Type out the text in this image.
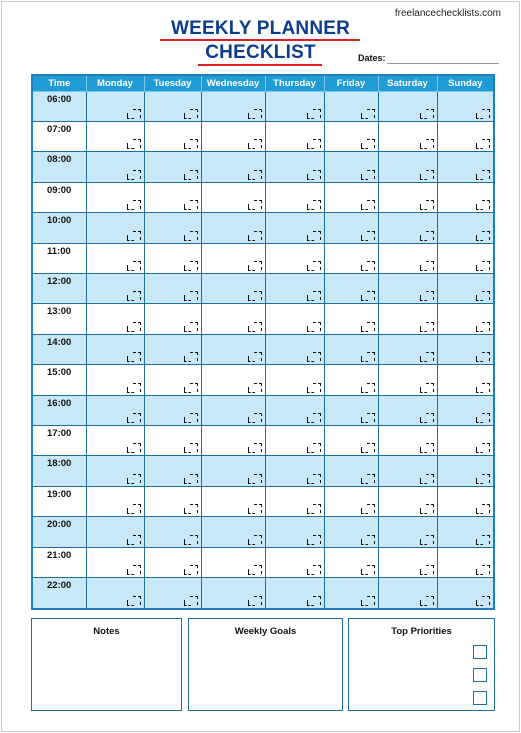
freelancechecklists.com
WEEKLY PLANNER
CHECKLIST	Dates:
Time	Monday	Tuesday	Wednesday	Thursday	Friday	Saturday	Sunday
06:00	

07:00	

08:00	

09:00	

10:00	

11:00	

12:00	

13:00	

14:00	

15:00	

16:00	

17:00	

18:00	

19:00	

20:00	

21:00	

22:00	

Notes	Weekly Goals	Top Priorities
